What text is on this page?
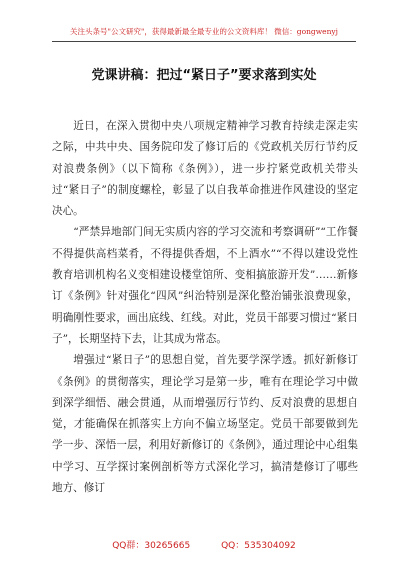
关注头条号"公文研究"，获得最新最全最专业的公文资料库！ 微信：gongwenyj
党课讲稿：把过“紧日子”要求落到实处

近日，在深入贯彻中央八项规定精神学习教育持续走深走实之际，中共中央、国务院印发了修订后的《党政机关厉行节约反对浪费条例》（以下简称《条例》），进一步拧紧党政机关带头过“紧日子”的制度螺栓，彰显了以自我革命推进作风建设的坚定决心。

“严禁异地部门间无实质内容的学习交流和考察调研”“工作餐不得提供高档菜肴，不得提供香烟，不上酒水”“不得以建设党性教育培训机构名义变相建设楼堂馆所、变相搞旅游开发”……新修订《条例》针对强化“四风”纠治特别是深化整治铺张浪费现象，明确刚性要求，画出底线、红线。对此，党员干部要习惯过“紧日子”，长期坚持下去，让其成为常态。

增强过“紧日子”的思想自觉，首先要学深学透。抓好新修订《条例》的贯彻落实，理论学习是第一步，唯有在理论学习中做到深学细悟、融会贯通，从而增强厉行节约、反对浪费的思想自觉，才能确保在抓落实上方向不偏立场坚定。党员干部要做到先学一步、深悟一层，利用好新修订的《条例》，通过理论中心组集中学习、互学探讨案例剖析等方式深化学习，搞清楚修订了哪些地方、修订

QQ群：30265665	QQ：535304092
